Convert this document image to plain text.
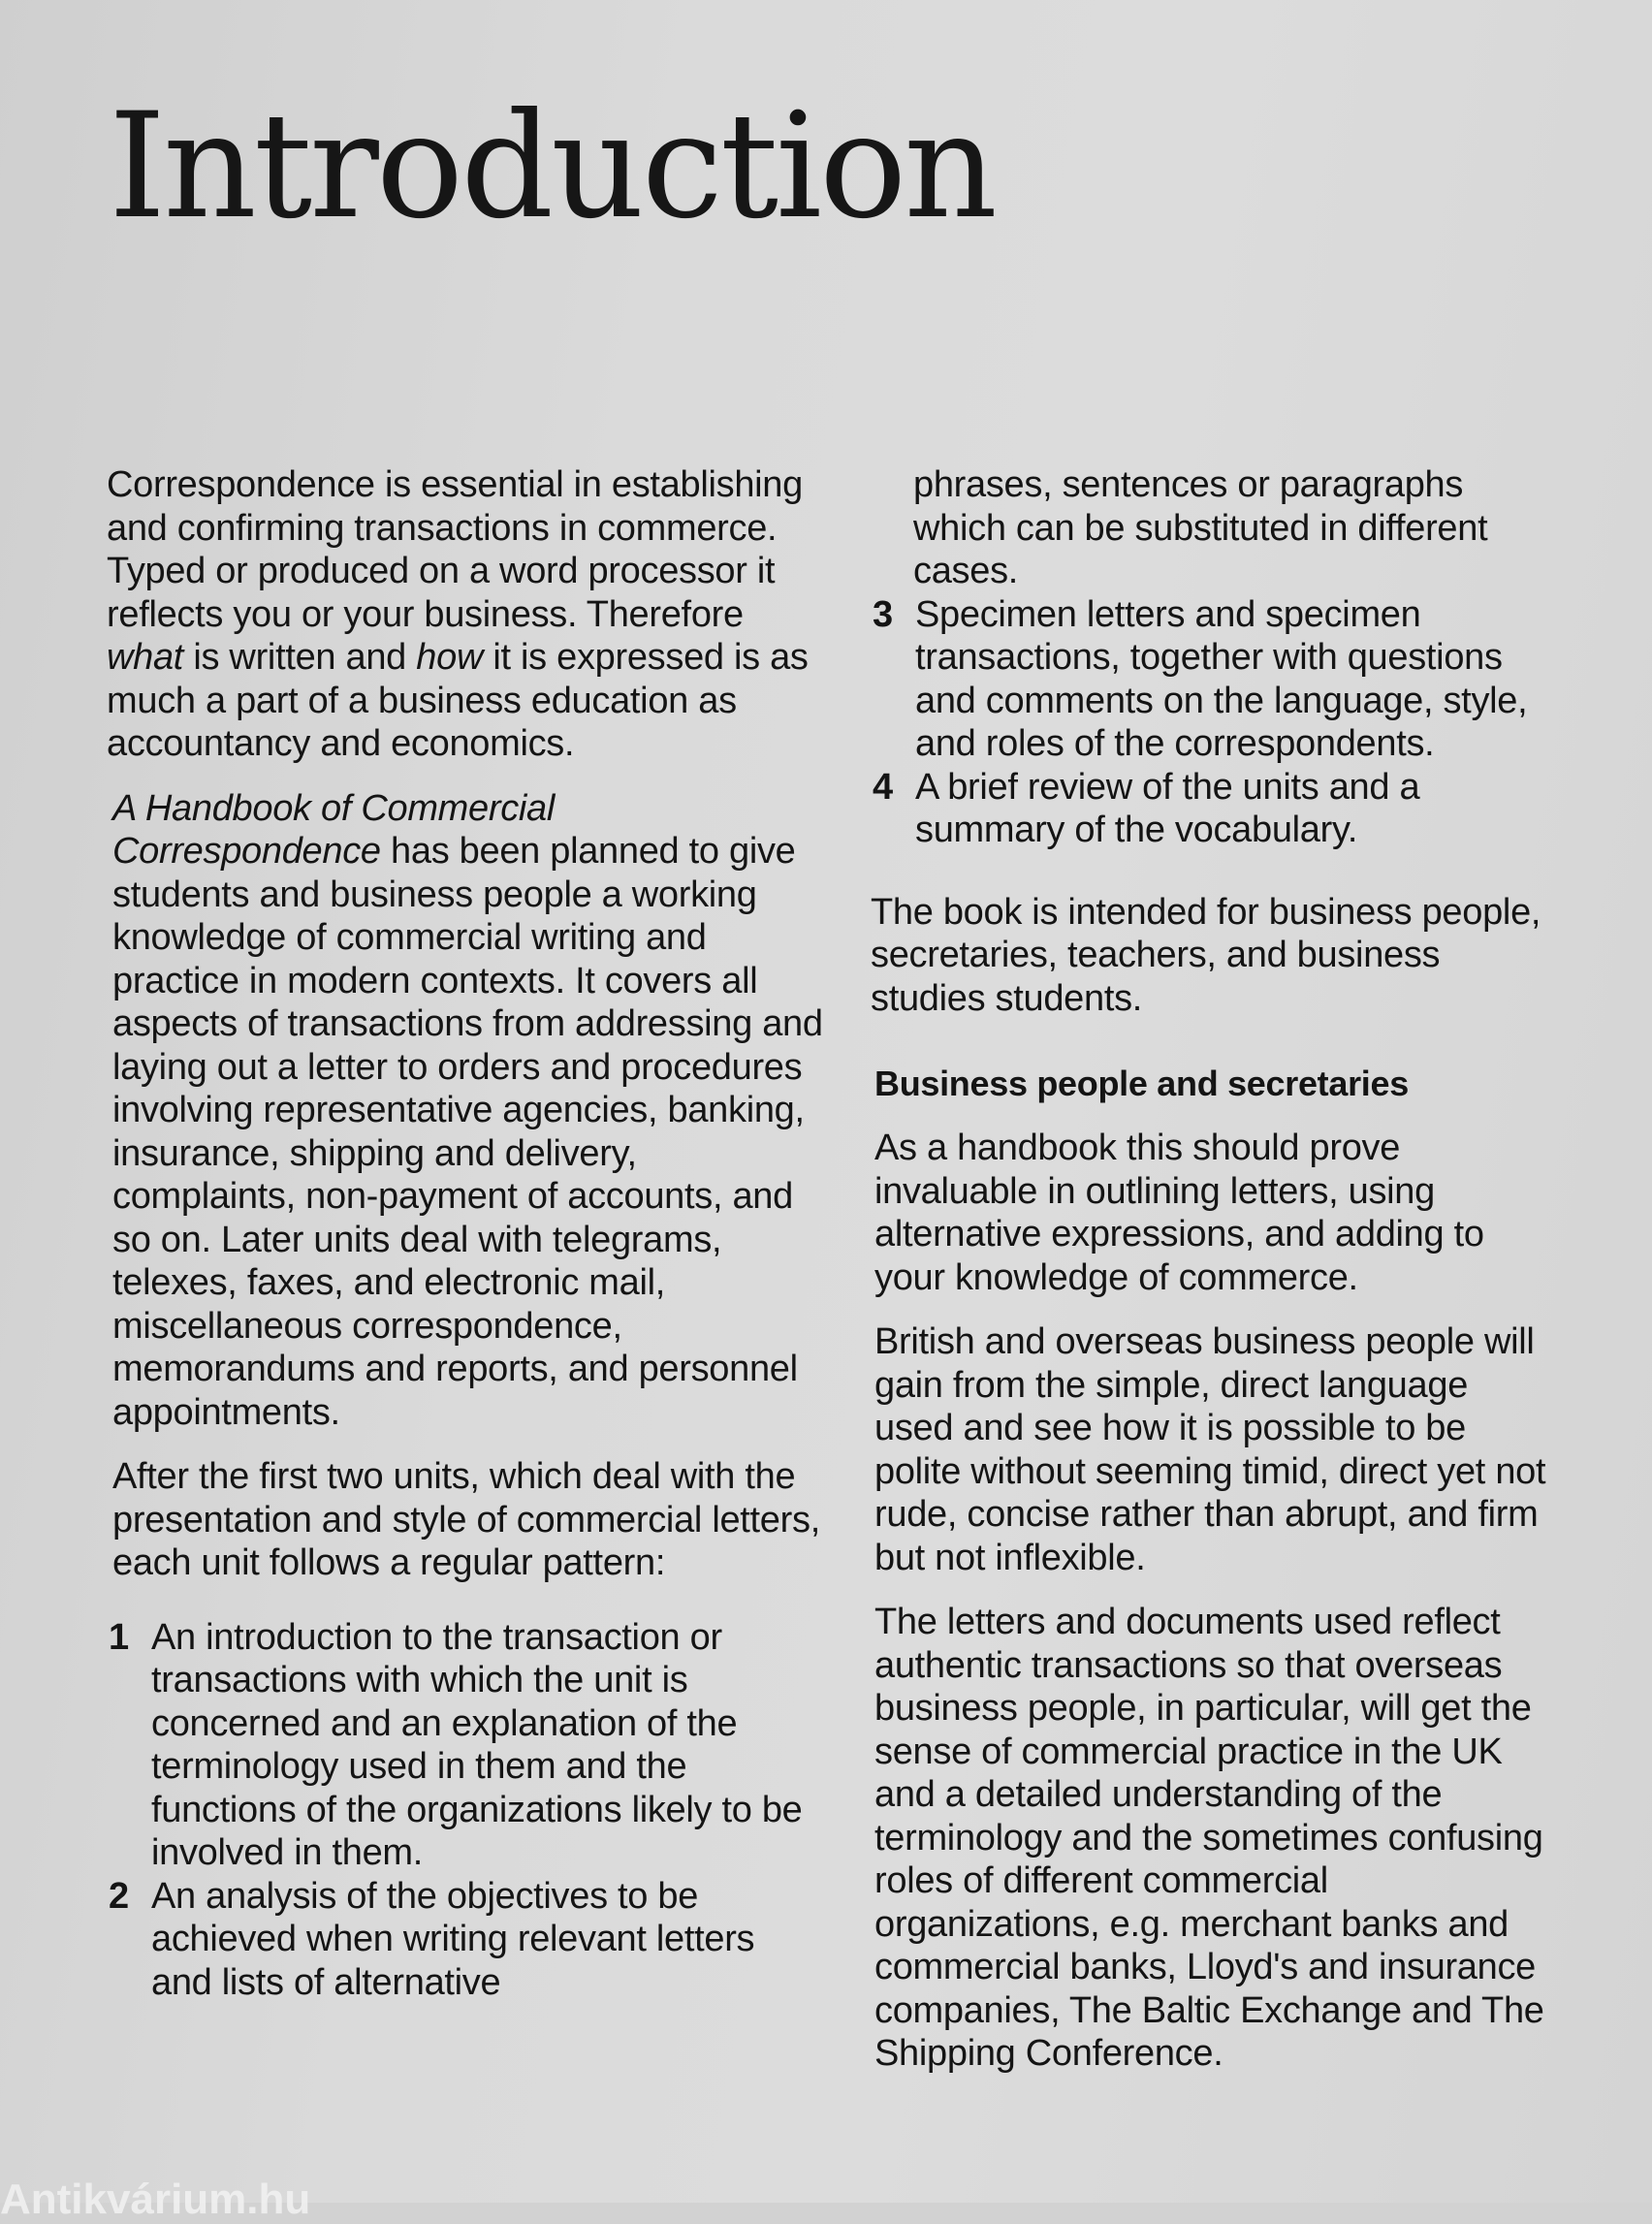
Introduction

Correspondence is essential in establishing and confirming transactions in commerce. Typed or produced on a word processor it reflects you or your business. Therefore what is written and how it is expressed is as much a part of a business education as accountancy and economics.

A Handbook of Commercial Correspondence has been planned to give students and business people a working knowledge of commercial writing and practice in modern contexts. It covers all aspects of transactions from addressing and laying out a letter to orders and procedures involving representative agencies, banking, insurance, shipping and delivery, complaints, non-payment of accounts, and so on. Later units deal with telegrams, telexes, faxes, and electronic mail, miscellaneous correspondence, memorandums and reports, and personnel appointments.

After the first two units, which deal with the presentation and style of commercial letters, each unit follows a regular pattern:

1 An introduction to the transaction or transactions with which the unit is concerned and an explanation of the terminology used in them and the functions of the organizations likely to be involved in them.
2 An analysis of the objectives to be achieved when writing relevant letters and lists of alternative

phrases, sentences or paragraphs which can be substituted in different cases.

3 Specimen letters and specimen transactions, together with questions and comments on the language, style, and roles of the correspondents.
4 A brief review of the units and a summary of the vocabulary.

The book is intended for business people, secretaries, teachers, and business studies students.

Business people and secretaries

As a handbook this should prove invaluable in outlining letters, using alternative expressions, and adding to your knowledge of commerce.

British and overseas business people will gain from the simple, direct language used and see how it is possible to be polite without seeming timid, direct yet not rude, concise rather than abrupt, and firm but not inflexible.

The letters and documents used reflect authentic transactions so that overseas business people, in particular, will get the sense of commercial practice in the UK and a detailed understanding of the terminology and the sometimes confusing roles of different commercial organizations, e.g. merchant banks and commercial banks, Lloyd's and insurance companies, The Baltic Exchange and The Shipping Conference.

Antikvárium.hu
